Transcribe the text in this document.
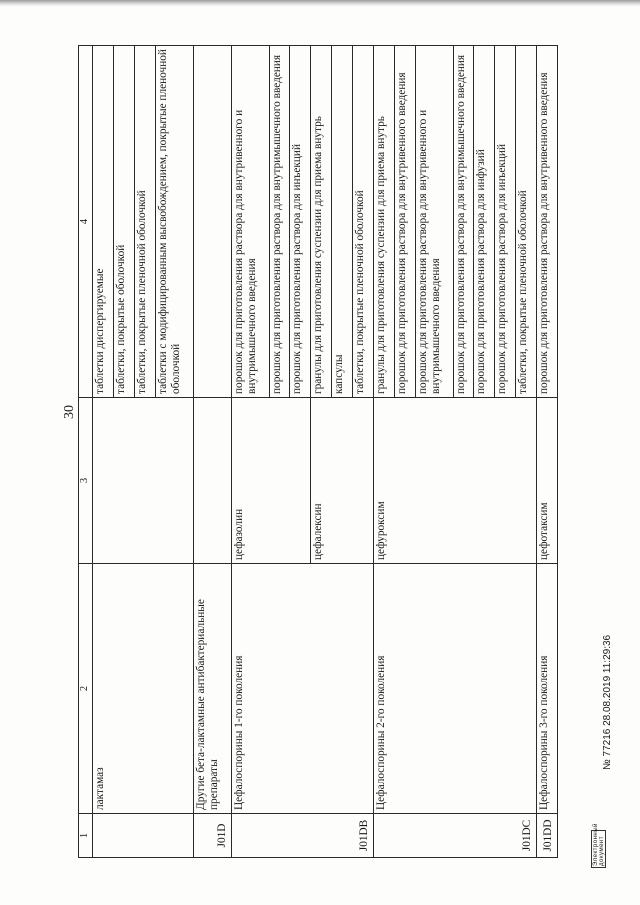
30
1	2	3	4
	лактамаз		таблетки диспергируемые
			таблетки, покрытые оболочкой
			таблетки, покрытые пленочной оболочкой
			таблетки с модифицированным высвобождением, покрытые пленочной оболочкой
J01D	Другие бета-лактамные антибактериальные препараты		
J01DB	Цефалоспорины 1-го поколения	цефазолин	порошок для приготовления раствора для внутривенного и внутримышечного введения
			порошок для приготовления раствора для внутримышечного введения
			порошок для приготовления раствора для инъекций
		цефалексин	гранулы для приготовления суспензии для приема внутрь
			капсулы
			таблетки, покрытые пленочной оболочкой
J01DC	Цефалоспорины 2-го поколения	цефуроксим	гранулы для приготовления суспензии для приема внутрь
			порошок для приготовления раствора для внутривенного введения
			порошок для приготовления раствора для внутривенного и внутримышечного введения
			порошок для приготовления раствора для внутримышечного введения
			порошок для приготовления раствора для инфузий
			порошок для приготовления раствора для инъекций
			таблетки, покрытые пленочной оболочкой
J01DD	Цефалоспорины 3-го поколения	цефотаксим	порошок для приготовления раствора для внутривенного введения
Электронный документ
№ 77216 28.08.2019 11:29:36
